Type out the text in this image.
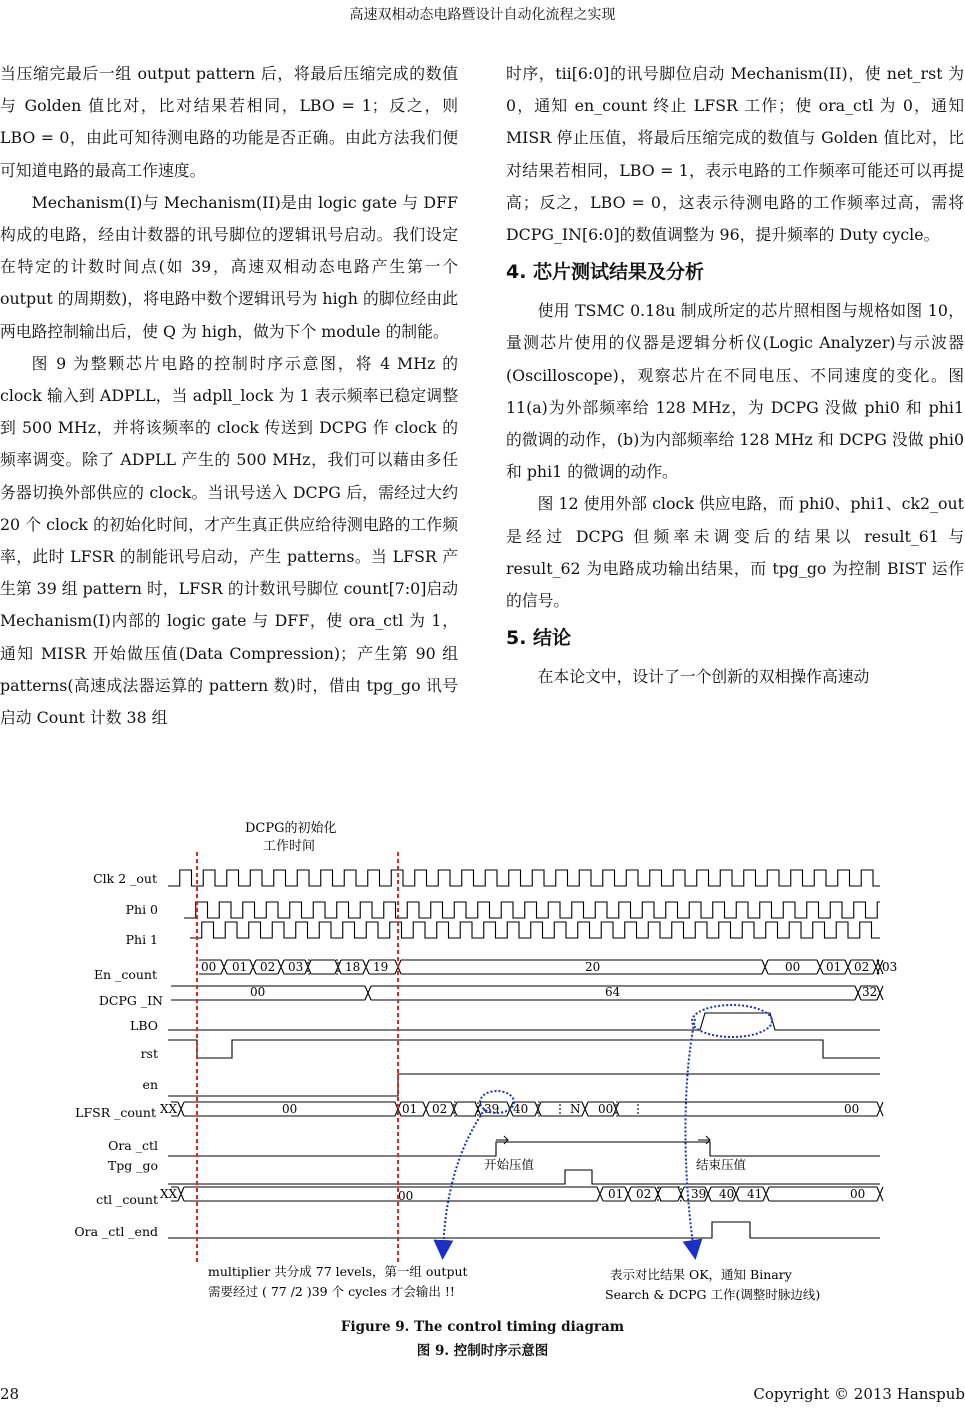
高速双相动态电路暨设计自动化流程之实现

当压缩完最后一组 output pattern 后，将最后压缩完成的数值与 Golden 值比对，比对结果若相同，LBO = 1；反之，则 LBO = 0，由此可知待测电路的功能是否正确。由此方法我们便可知道电路的最高工作速度。

Mechanism(I)与 Mechanism(II)是由 logic gate 与 DFF 构成的电路，经由计数器的讯号脚位的逻辑讯号启动。我们设定在特定的计数时间点(如 39，高速双相动态电路产生第一个 output 的周期数)，将电路中数个逻辑讯号为 high 的脚位经由此两电路控制输出后，使 Q 为 high，做为下个 module 的制能。

图 9 为整颗芯片电路的控制时序示意图，将 4 MHz 的 clock 输入到 ADPLL，当 adpll_lock 为 1 表示频率已稳定调整到 500 MHz，并将该频率的 clock 传送到 DCPG 作 clock 的频率调变。除了 ADPLL 产生的 500 MHz，我们可以藉由多任务器切换外部供应的 clock。当讯号送入 DCPG 后，需经过大约 20 个 clock 的初始化时间，才产生真正供应给待测电路的工作频率，此时 LFSR 的制能讯号启动，产生 patterns。当 LFSR 产生第 39 组 pattern 时，LFSR 的计数讯号脚位 count[7:0]启动 Mechanism(I)内部的 logic gate 与 DFF，使 ora_ctl 为 1，通知 MISR 开始做压值(Data Compression)；产生第 90 组 patterns(高速成法器运算的 pattern 数)时，借由 tpg_go 讯号启动 Count 计数 38 组

时序，tii[6:0]的讯号脚位启动 Mechanism(II)，使 net_rst 为 0，通知 en_count 终止 LFSR 工作；使 ora_ctl 为 0，通知 MISR 停止压值，将最后压缩完成的数值与 Golden 值比对，比对结果若相同，LBO = 1，表示电路的工作频率可能还可以再提高；反之，LBO = 0，这表示待测电路的工作频率过高，需将 DCPG_IN[6:0]的数值调整为 96，提升频率的 Duty cycle。

4. 芯片测试结果及分析

使用 TSMC 0.18u 制成所定的芯片照相图与规格如图 10，量测芯片使用的仪器是逻辑分析仪(Logic Analyzer)与示波器(Oscilloscope)，观察芯片在不同电压、不同速度的变化。图 11(a)为外部频率给 128 MHz，为 DCPG 没做 phi0 和 phi1 的微调的动作，(b)为内部频率给 128 MHz 和 DCPG 没做 phi0 和 phi1 的微调的动作。

图 12 使用外部 clock 供应电路，而 phi0、phi1、ck2_out 是经过 DCPG 但频率未调变后的结果以 result_61 与 result_62 为电路成功输出结果，而 tpg_go 为控制 BIST 运作的信号。

5. 结论

在本论文中，设计了一个创新的双相操作高速动

DCPG的初始化
工作时间
Clk 2 _out
Phi 0
Phi 1
En _count
DCPG _IN
LBO
rst
en
LFSR _count
Ora _ctl
Tpg _go
ctl _count
Ora _ctl _end
00 01 02 03	18 19	20	00 01 02 03
00	64	32
XX	00	01 02	39 40	N 00	00
XX	00	01 02	39 40 41	00
开始压值	结束压值
multiplier 共分成 77 levels，第一组 output
需要经过 ( 77 /2 )39 个 cycles 才会输出 !!
表示对比结果 OK，通知 Binary
Search & DCPG 工作(调整时脉边线)
Figure 9. The control timing diagram
图 9. 控制时序示意图
28	Copyright © 2013 Hanspub
